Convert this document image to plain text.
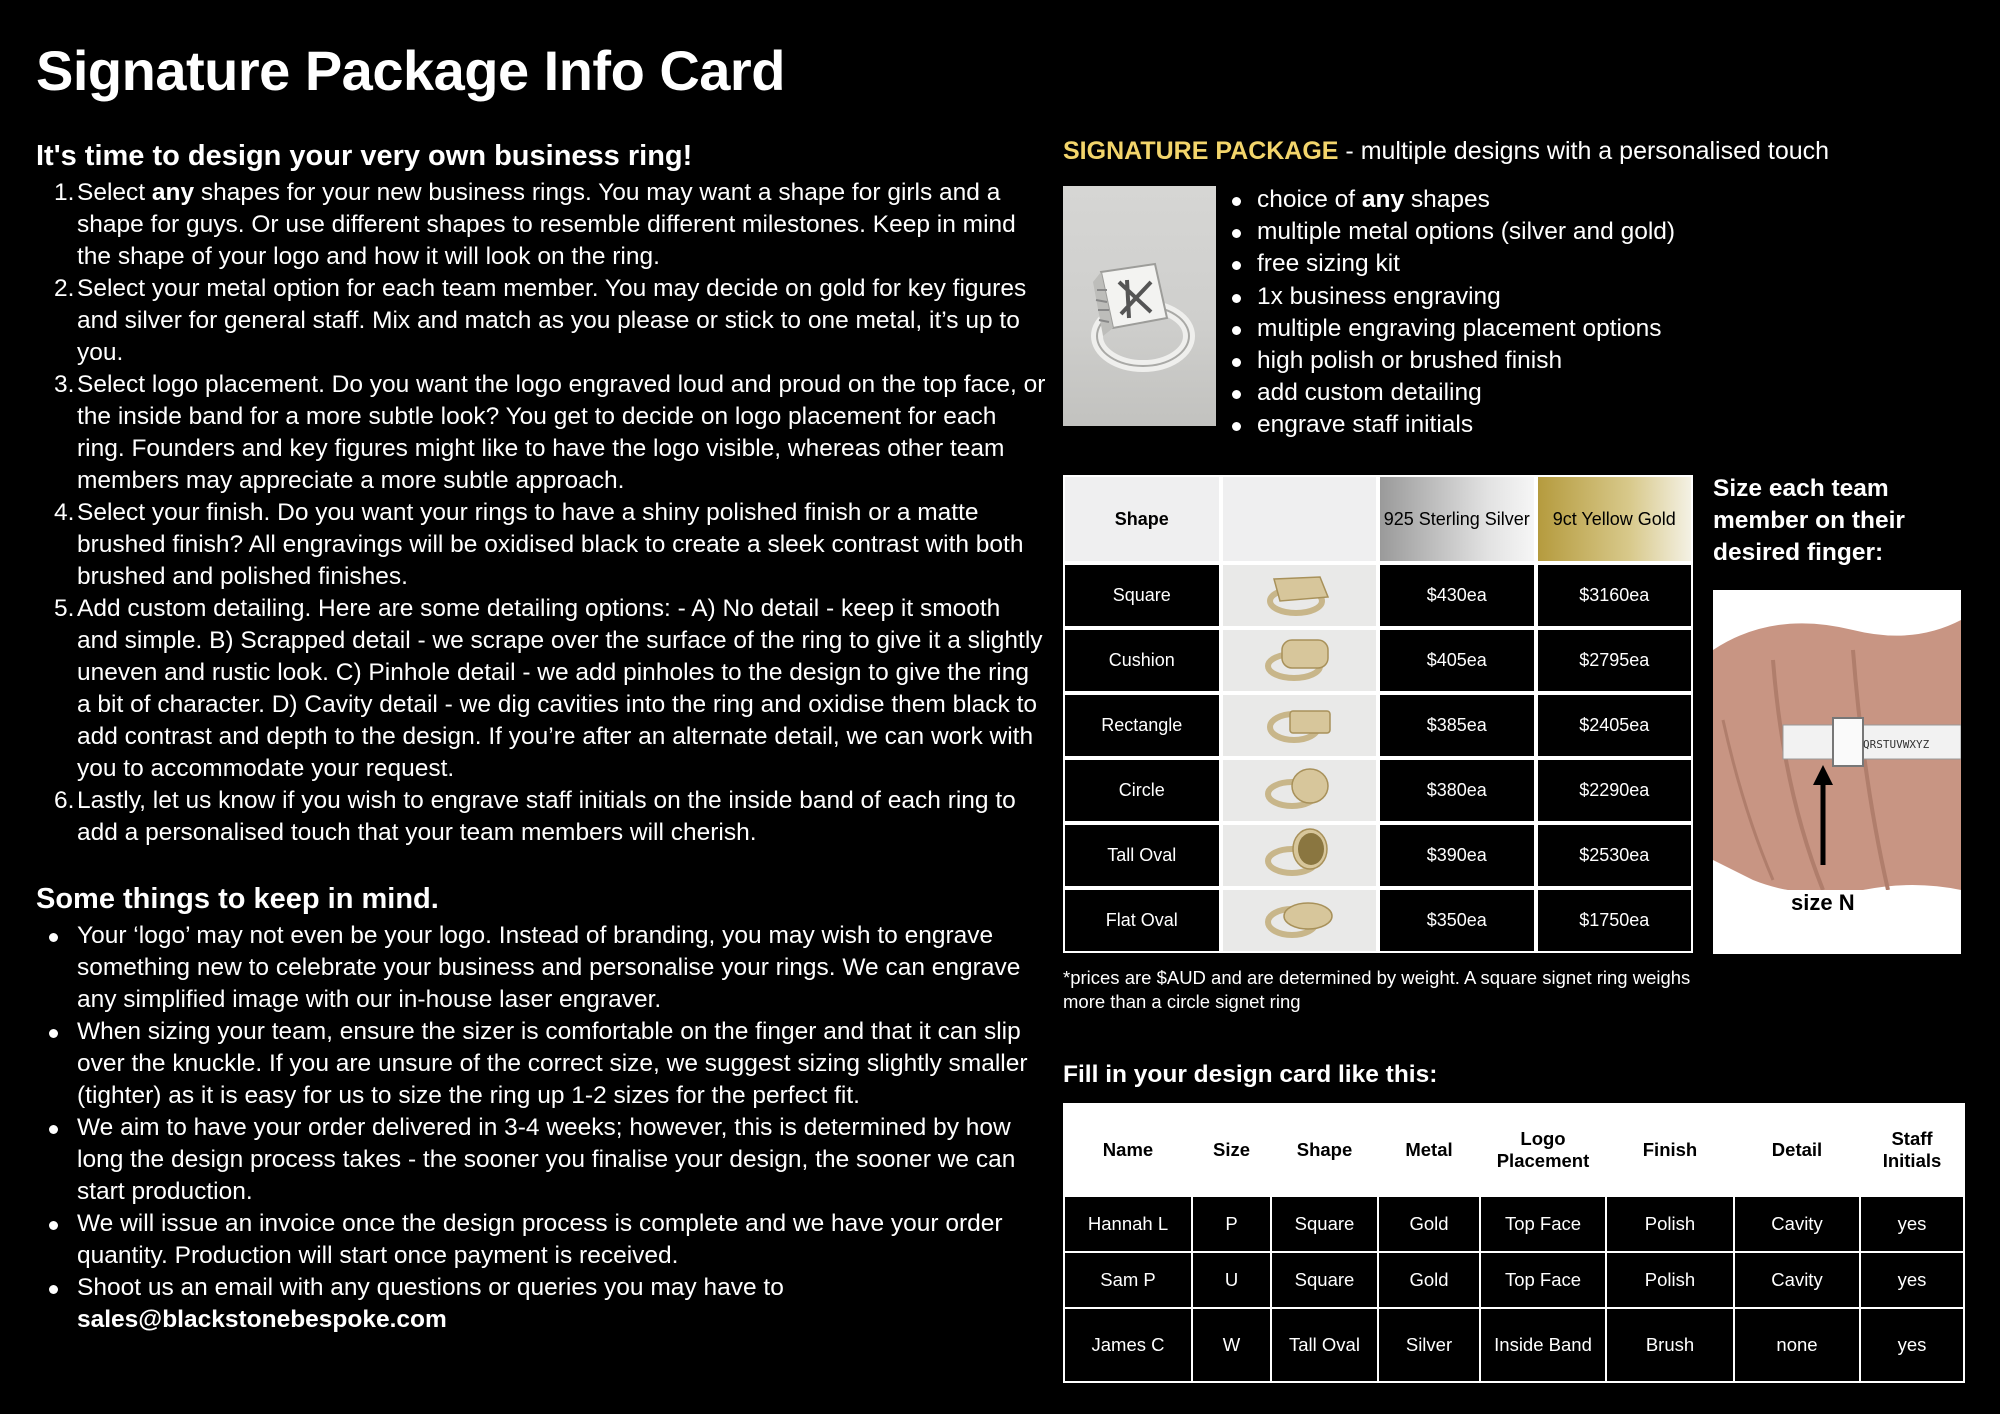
Signature Package Info Card
It's time to design your very own business ring!
1. Select any shapes for your new business rings. You may want a shape for girls and a shape for guys. Or use different shapes to resemble different milestones. Keep in mind the shape of your logo and how it will look on the ring.
2. Select your metal option for each team member. You may decide on gold for key figures and silver for general staff. Mix and match as you please or stick to one metal, it’s up to you.
3. Select logo placement. Do you want the logo engraved loud and proud on the top face, or the inside band for a more subtle look? You get to decide on logo placement for each ring. Founders and key figures might like to have the logo visible, whereas other team members may appreciate a more subtle approach.
4. Select your finish. Do you want your rings to have a shiny polished finish or a matte brushed finish? All engravings will be oxidised black to create a sleek contrast with both brushed and polished finishes.
5. Add custom detailing. Here are some detailing options: - A) No detail - keep it smooth and simple. B) Scrapped detail - we scrape over the surface of the ring to give it a slightly uneven and rustic look. C) Pinhole detail - we add pinholes to the design to give the ring a bit of character. D) Cavity detail - we dig cavities into the ring and oxidise them black to add contrast and depth to the design. If you’re after an alternate detail, we can work with you to accommodate your request.
6. Lastly, let us know if you wish to engrave staff initials on the inside band of each ring to add a personalised touch that your team members will cherish.
Some things to keep in mind.
Your ‘logo’ may not even be your logo. Instead of branding, you may wish to engrave something new to celebrate your business and personalise your rings. We can engrave any simplified image with our in-house laser engraver.
When sizing your team, ensure the sizer is comfortable on the finger and that it can slip over the knuckle. If you are unsure of the correct size, we suggest sizing slightly smaller (tighter) as it is easy for us to size the ring up 1-2 sizes for the perfect fit.
We aim to have your order delivered in 3-4 weeks; however, this is determined by how long the design process takes - the sooner you finalise your design, the sooner we can start production.
We will issue an invoice once the design process is complete and we have your order quantity. Production will start once payment is received.
Shoot us an email with any questions or queries you may have to
sales@blackstonebespoke.com
SIGNATURE PACKAGE - multiple designs with a personalised touch
choice of any shapes
multiple metal options (silver and gold)
free sizing kit
1x business engraving
multiple engraving placement options
high polish or brushed finish
add custom detailing
engrave staff initials
Shape		925 Sterling Silver	9ct Yellow Gold
Square		$430ea	$3160ea
Cushion		$405ea	$2795ea
Rectangle		$385ea	$2405ea
Circle		$380ea	$2290ea
Tall Oval		$390ea	$2530ea
Flat Oval		$350ea	$1750ea
*prices are $AUD and are determined by weight. A square signet ring weighs more than a circle signet ring
Size each team
member on their
desired finger:
QRSTUVWXYZ
size N
Fill in your design card like this:
Name	Size	Shape	Metal	Logo Placement	Finish	Detail	Staff Initials
Hannah L	P	Square	Gold	Top Face	Polish	Cavity	yes
Sam P	U	Square	Gold	Top Face	Polish	Cavity	yes
James C	W	Tall Oval	Silver	Inside Band	Brush	none	yes
